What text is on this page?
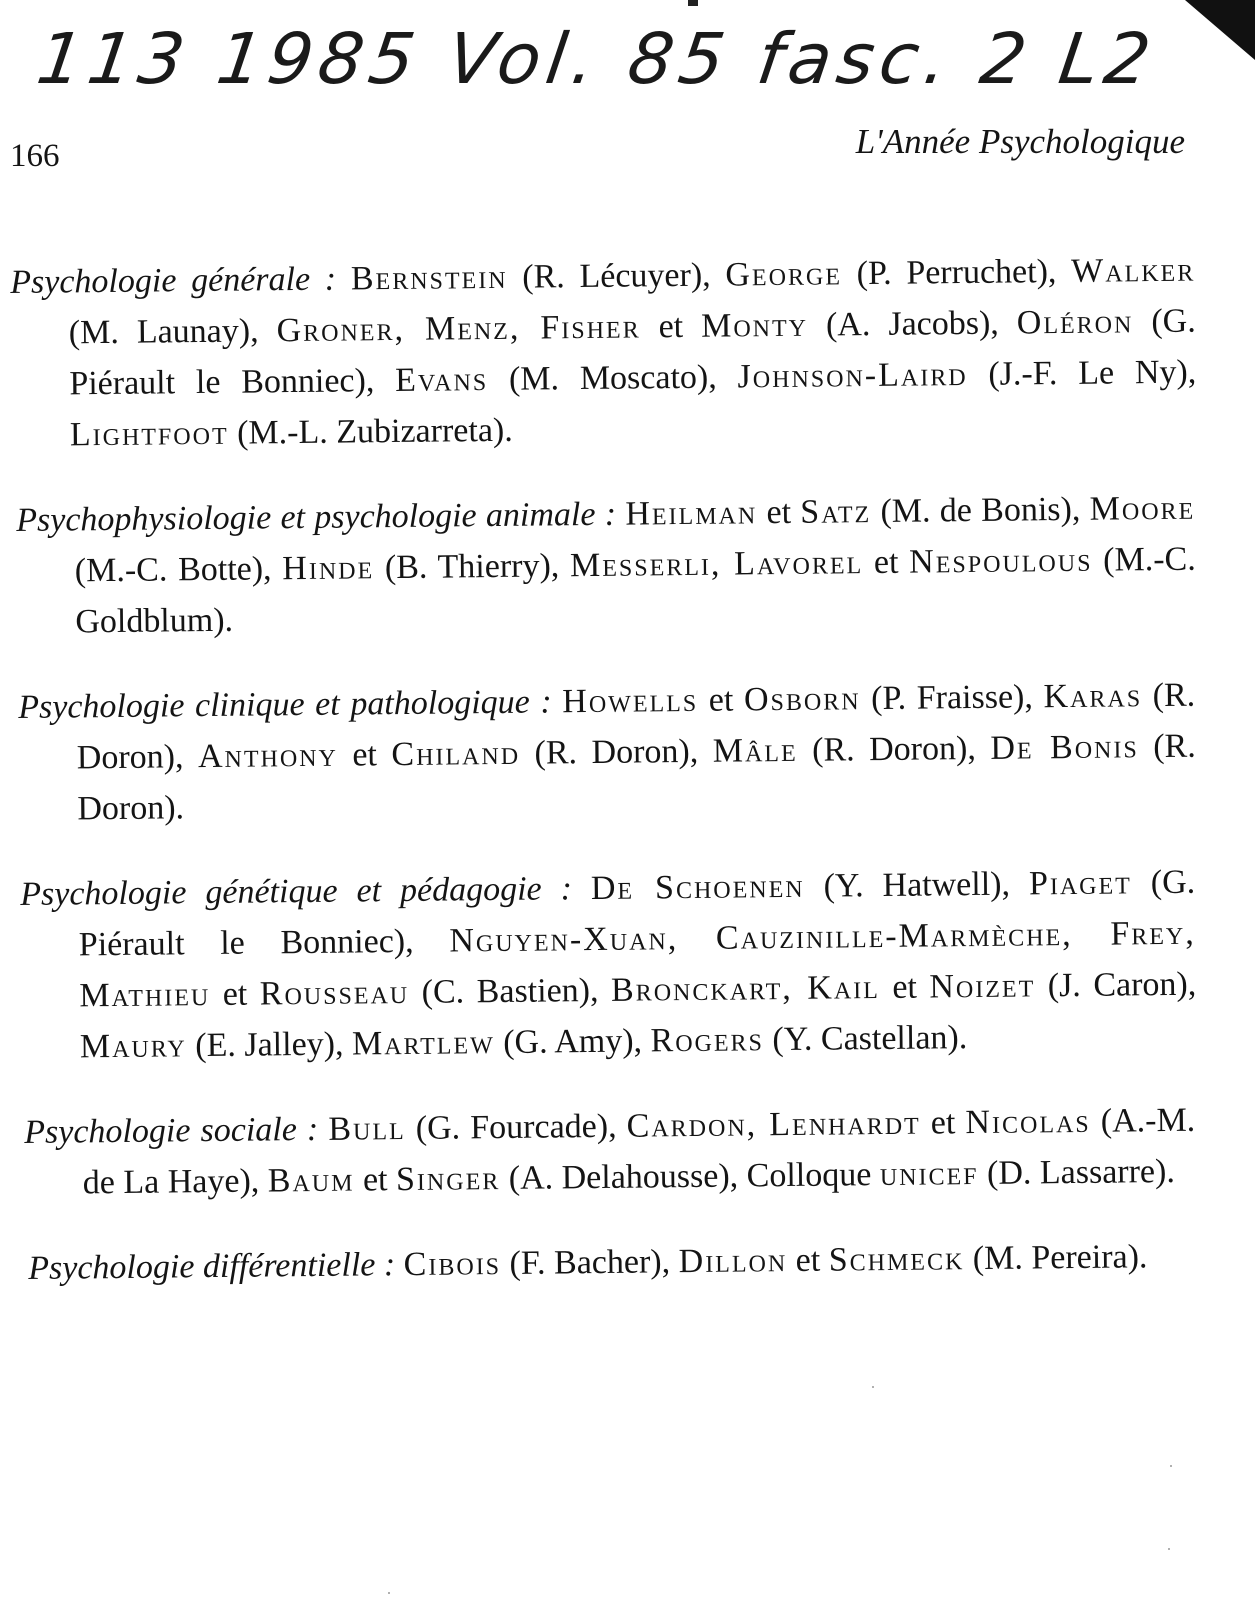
113 1985 Vol. 85 fasc. 2 L2
166	L'Année Psychologique

Psychologie générale : Bernstein (R. Lécuyer), George (P. Perruchet), Walker (M. Launay), Groner, Menz, Fisher et Monty (A. Jacobs), Oléron (G. Piérault le Bonniec), Evans (M. Moscato), Johnson-Laird (J.-F. Le Ny), Lightfoot (M.-L. Zubizarreta).

Psychophysiologie et psychologie animale : Heilman et Satz (M. de Bonis), Moore (M.-C. Botte), Hinde (B. Thierry), Messerli, Lavorel et Nespoulous (M.-C. Goldblum).

Psychologie clinique et pathologique : Howells et Osborn (P. Fraisse), Karas (R. Doron), Anthony et Chiland (R. Doron), Mâle (R. Doron), De Bonis (R. Doron).

Psychologie génétique et pédagogie : De Schoenen (Y. Hatwell), Piaget (G. Piérault le Bonniec), Nguyen-Xuan, Cauzinille-Marmèche, Frey, Mathieu et Rousseau (C. Bastien), Bronckart, Kail et Noizet (J. Caron), Maury (E. Jalley), Martlew (G. Amy), Rogers (Y. Castellan).

Psychologie sociale : Bull (G. Fourcade), Cardon, Lenhardt et Nicolas (A.-M. de La Haye), Baum et Singer (A. Delahousse), Colloque unicef (D. Lassarre).

Psychologie différentielle : Cibois (F. Bacher), Dillon et Schmeck (M. Pereira).
